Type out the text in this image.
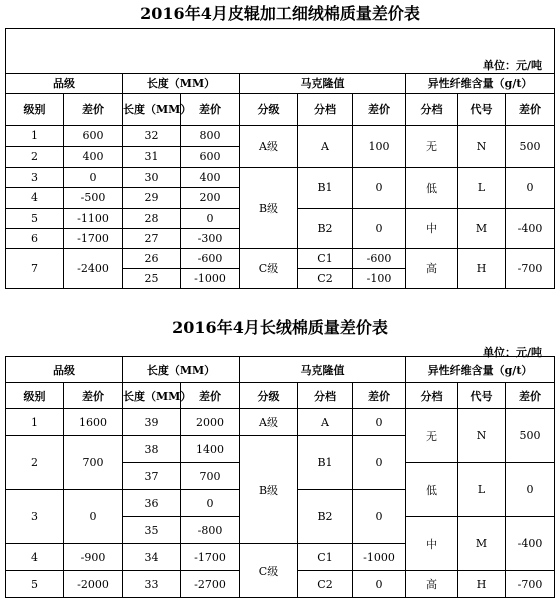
2016年4月皮辊加工细绒棉质量差价表

单位：元/吨									
品级		长度（MM）		马克隆值			异性纤维含量（g/t）		
级别	差价	长度（MM）	差价	分级	分档	差价	分档	代号	差价
1	600	32	800	A级	A	100	无	N	500
2	400	31	600						
3	0	30	400	B级	B1	0	低	L	0
4	-500	29	200						
5	-1100	28	0		B2	0	中	M	-400
6	-1700	27	-300						
7	-2400	26	-600	C级	C1	-600	高	H	-700
		25	-1000		C2	-100			
2016年4月长绒棉质量差价表
单位：元/吨
品级		长度（MM）		马克隆值			异性纤维含量（g/t）		
级别	差价	长度（MM）	差价	分级	分档	差价	分档	代号	差价
1	1600	39	2000	A级	A	0	无	N	500
2	700	38	1400	B级	B1	0			
		37	700				低	L	0
3	0	36	0		B2	0			
		35	-800				中	M	-400
4	-900	34	-1700	C级	C1	-1000			
5	-2000	33	-2700		C2	0	高	H	-700
